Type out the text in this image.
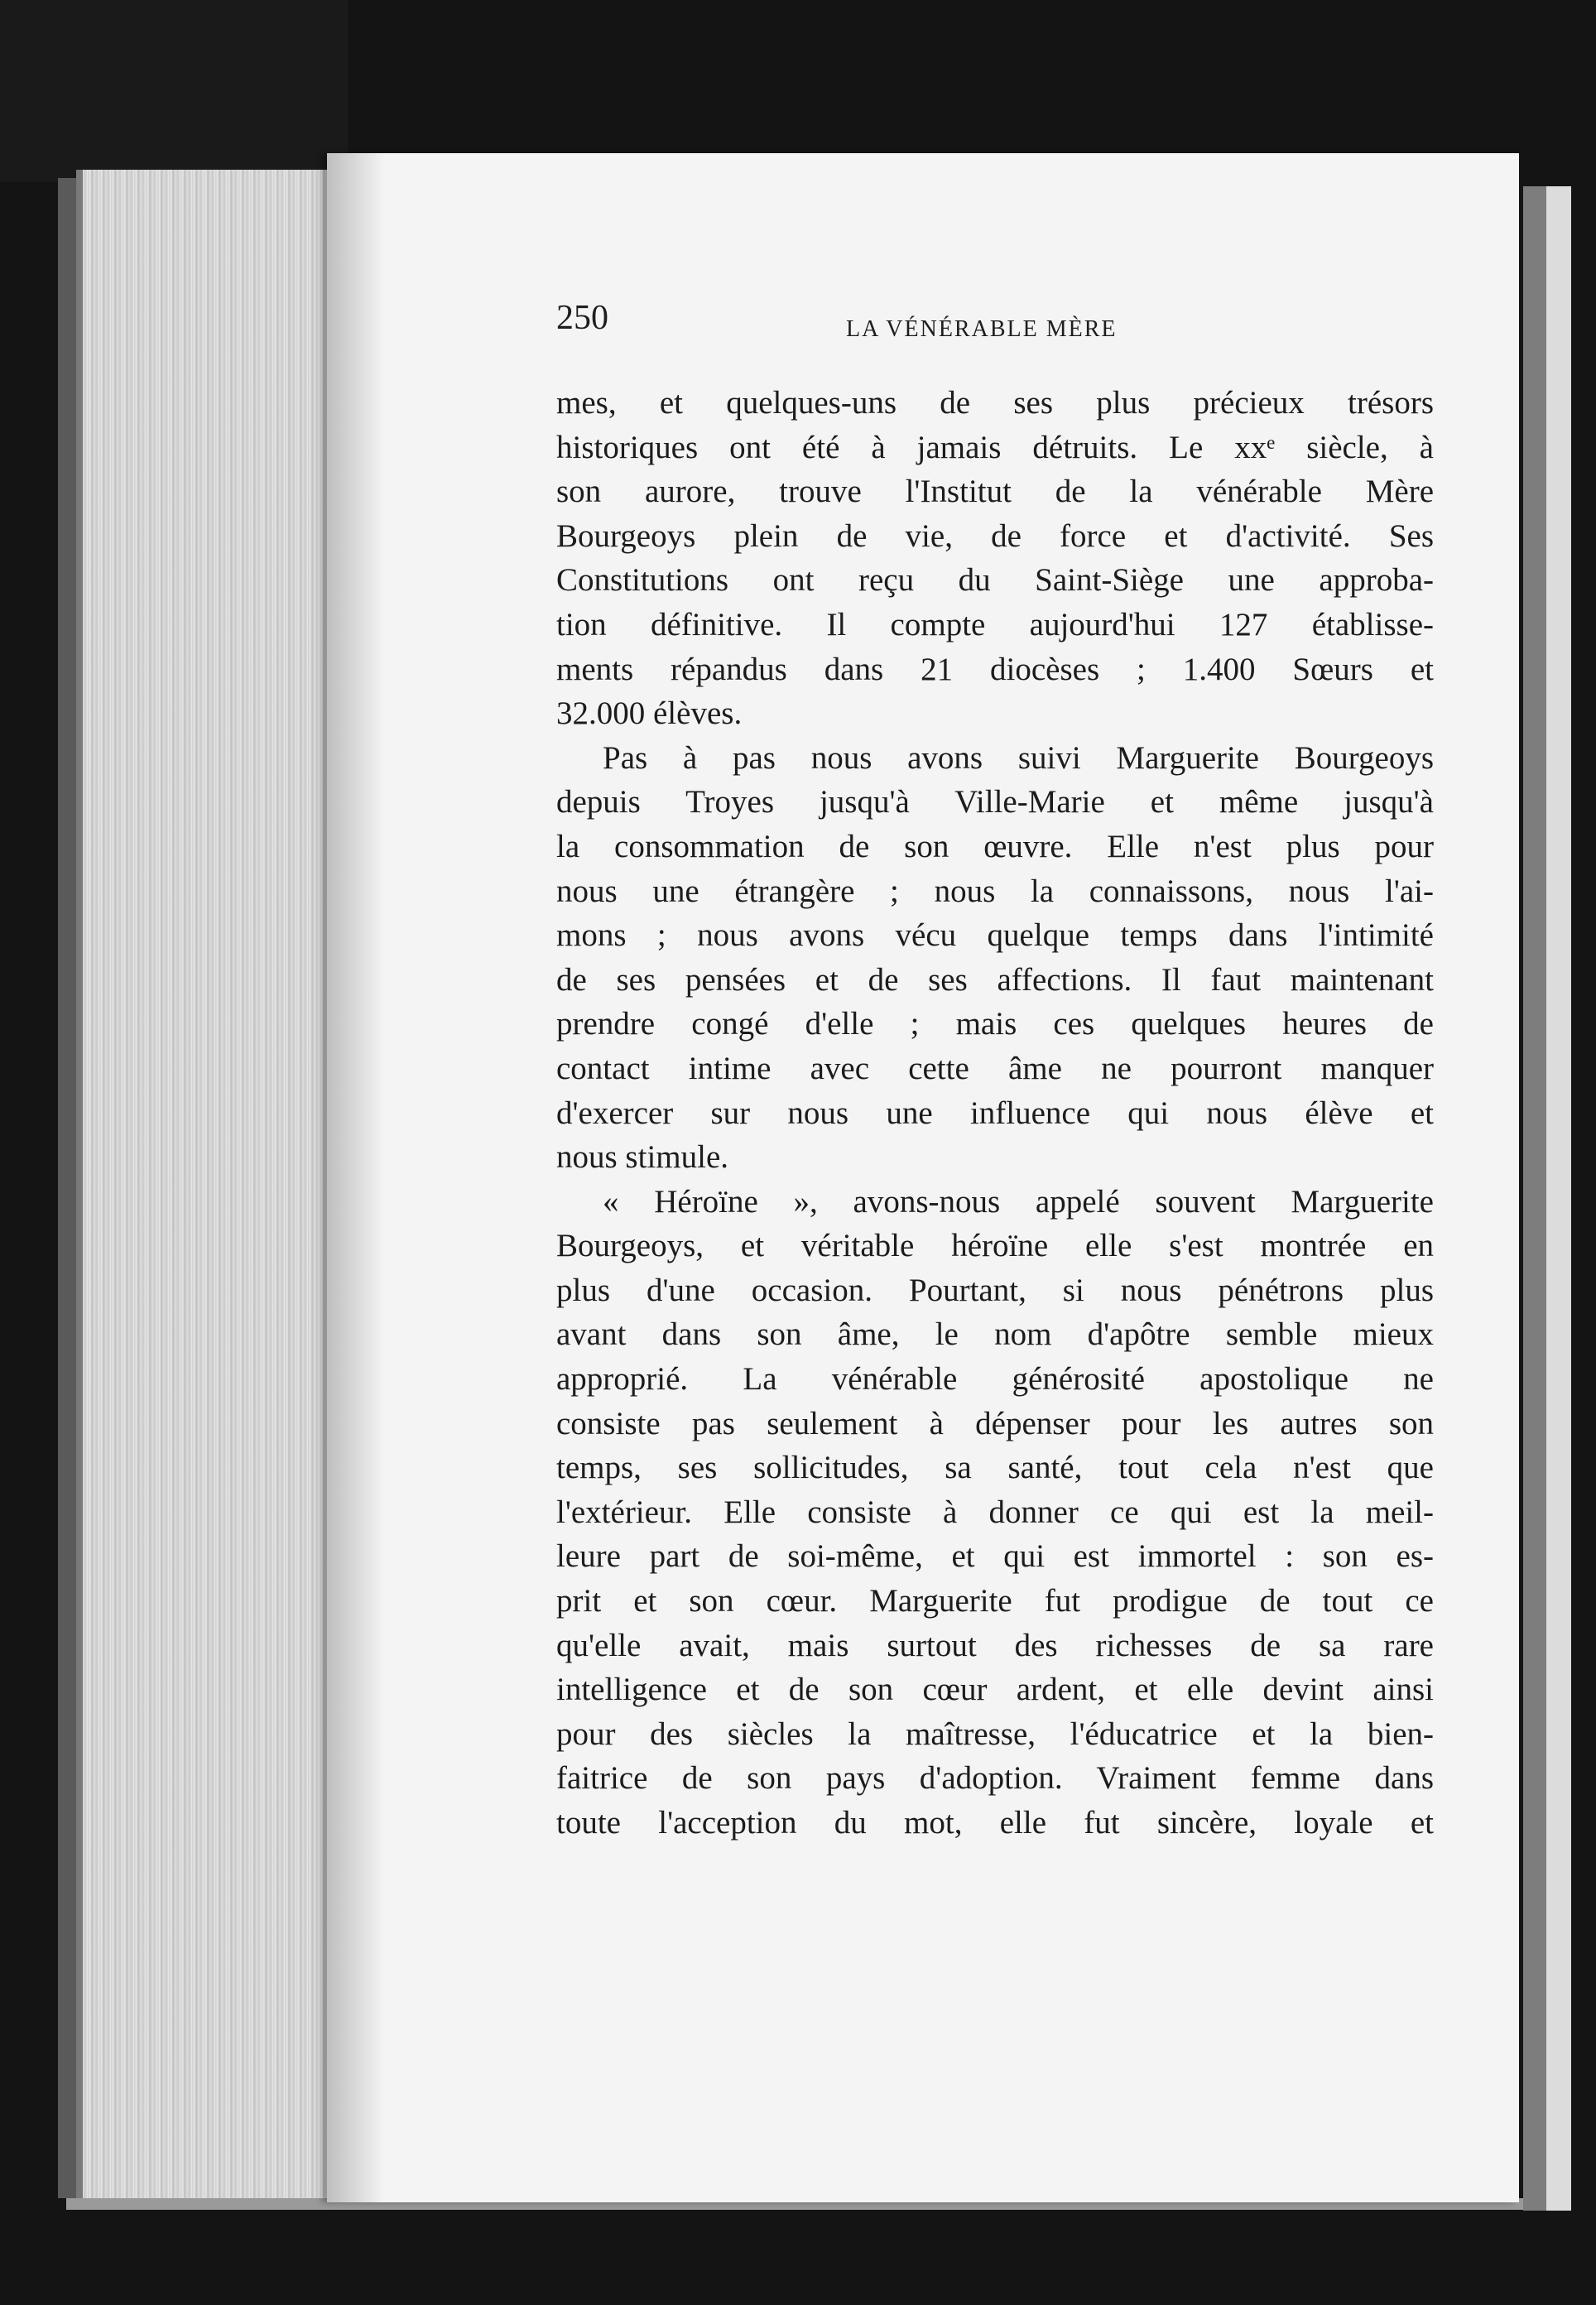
250	LA VÉNÉRABLE MÈRE
mes, et quelques-uns de ses plus précieux trésors
historiques ont été à jamais détruits. Le xxᵉ siècle, à
son aurore, trouve l'Institut de la vénérable Mère
Bourgeoys plein de vie, de force et d'activité. Ses
Constitutions ont reçu du Saint-Siège une approba-
tion définitive. Il compte aujourd'hui 127 établisse-
ments répandus dans 21 diocèses ; 1.400 Sœurs et
32.000 élèves.
Pas à pas nous avons suivi Marguerite Bourgeoys
depuis Troyes jusqu'à Ville-Marie et même jusqu'à
la consommation de son œuvre. Elle n'est plus pour
nous une étrangère ; nous la connaissons, nous l'ai-
mons ; nous avons vécu quelque temps dans l'intimité
de ses pensées et de ses affections. Il faut maintenant
prendre congé d'elle ; mais ces quelques heures de
contact intime avec cette âme ne pourront manquer
d'exercer sur nous une influence qui nous élève et
nous stimule.
« Héroïne », avons-nous appelé souvent Marguerite
Bourgeoys, et véritable héroïne elle s'est montrée en
plus d'une occasion. Pourtant, si nous pénétrons plus
avant dans son âme, le nom d'apôtre semble mieux
approprié. La vénérable générosité apostolique ne
consiste pas seulement à dépenser pour les autres son
temps, ses sollicitudes, sa santé, tout cela n'est que
l'extérieur. Elle consiste à donner ce qui est la meil-
leure part de soi-même, et qui est immortel : son es-
prit et son cœur. Marguerite fut prodigue de tout ce
qu'elle avait, mais surtout des richesses de sa rare
intelligence et de son cœur ardent, et elle devint ainsi
pour des siècles la maîtresse, l'éducatrice et la bien-
faitrice de son pays d'adoption. Vraiment femme dans
toute l'acception du mot, elle fut sincère, loyale et
